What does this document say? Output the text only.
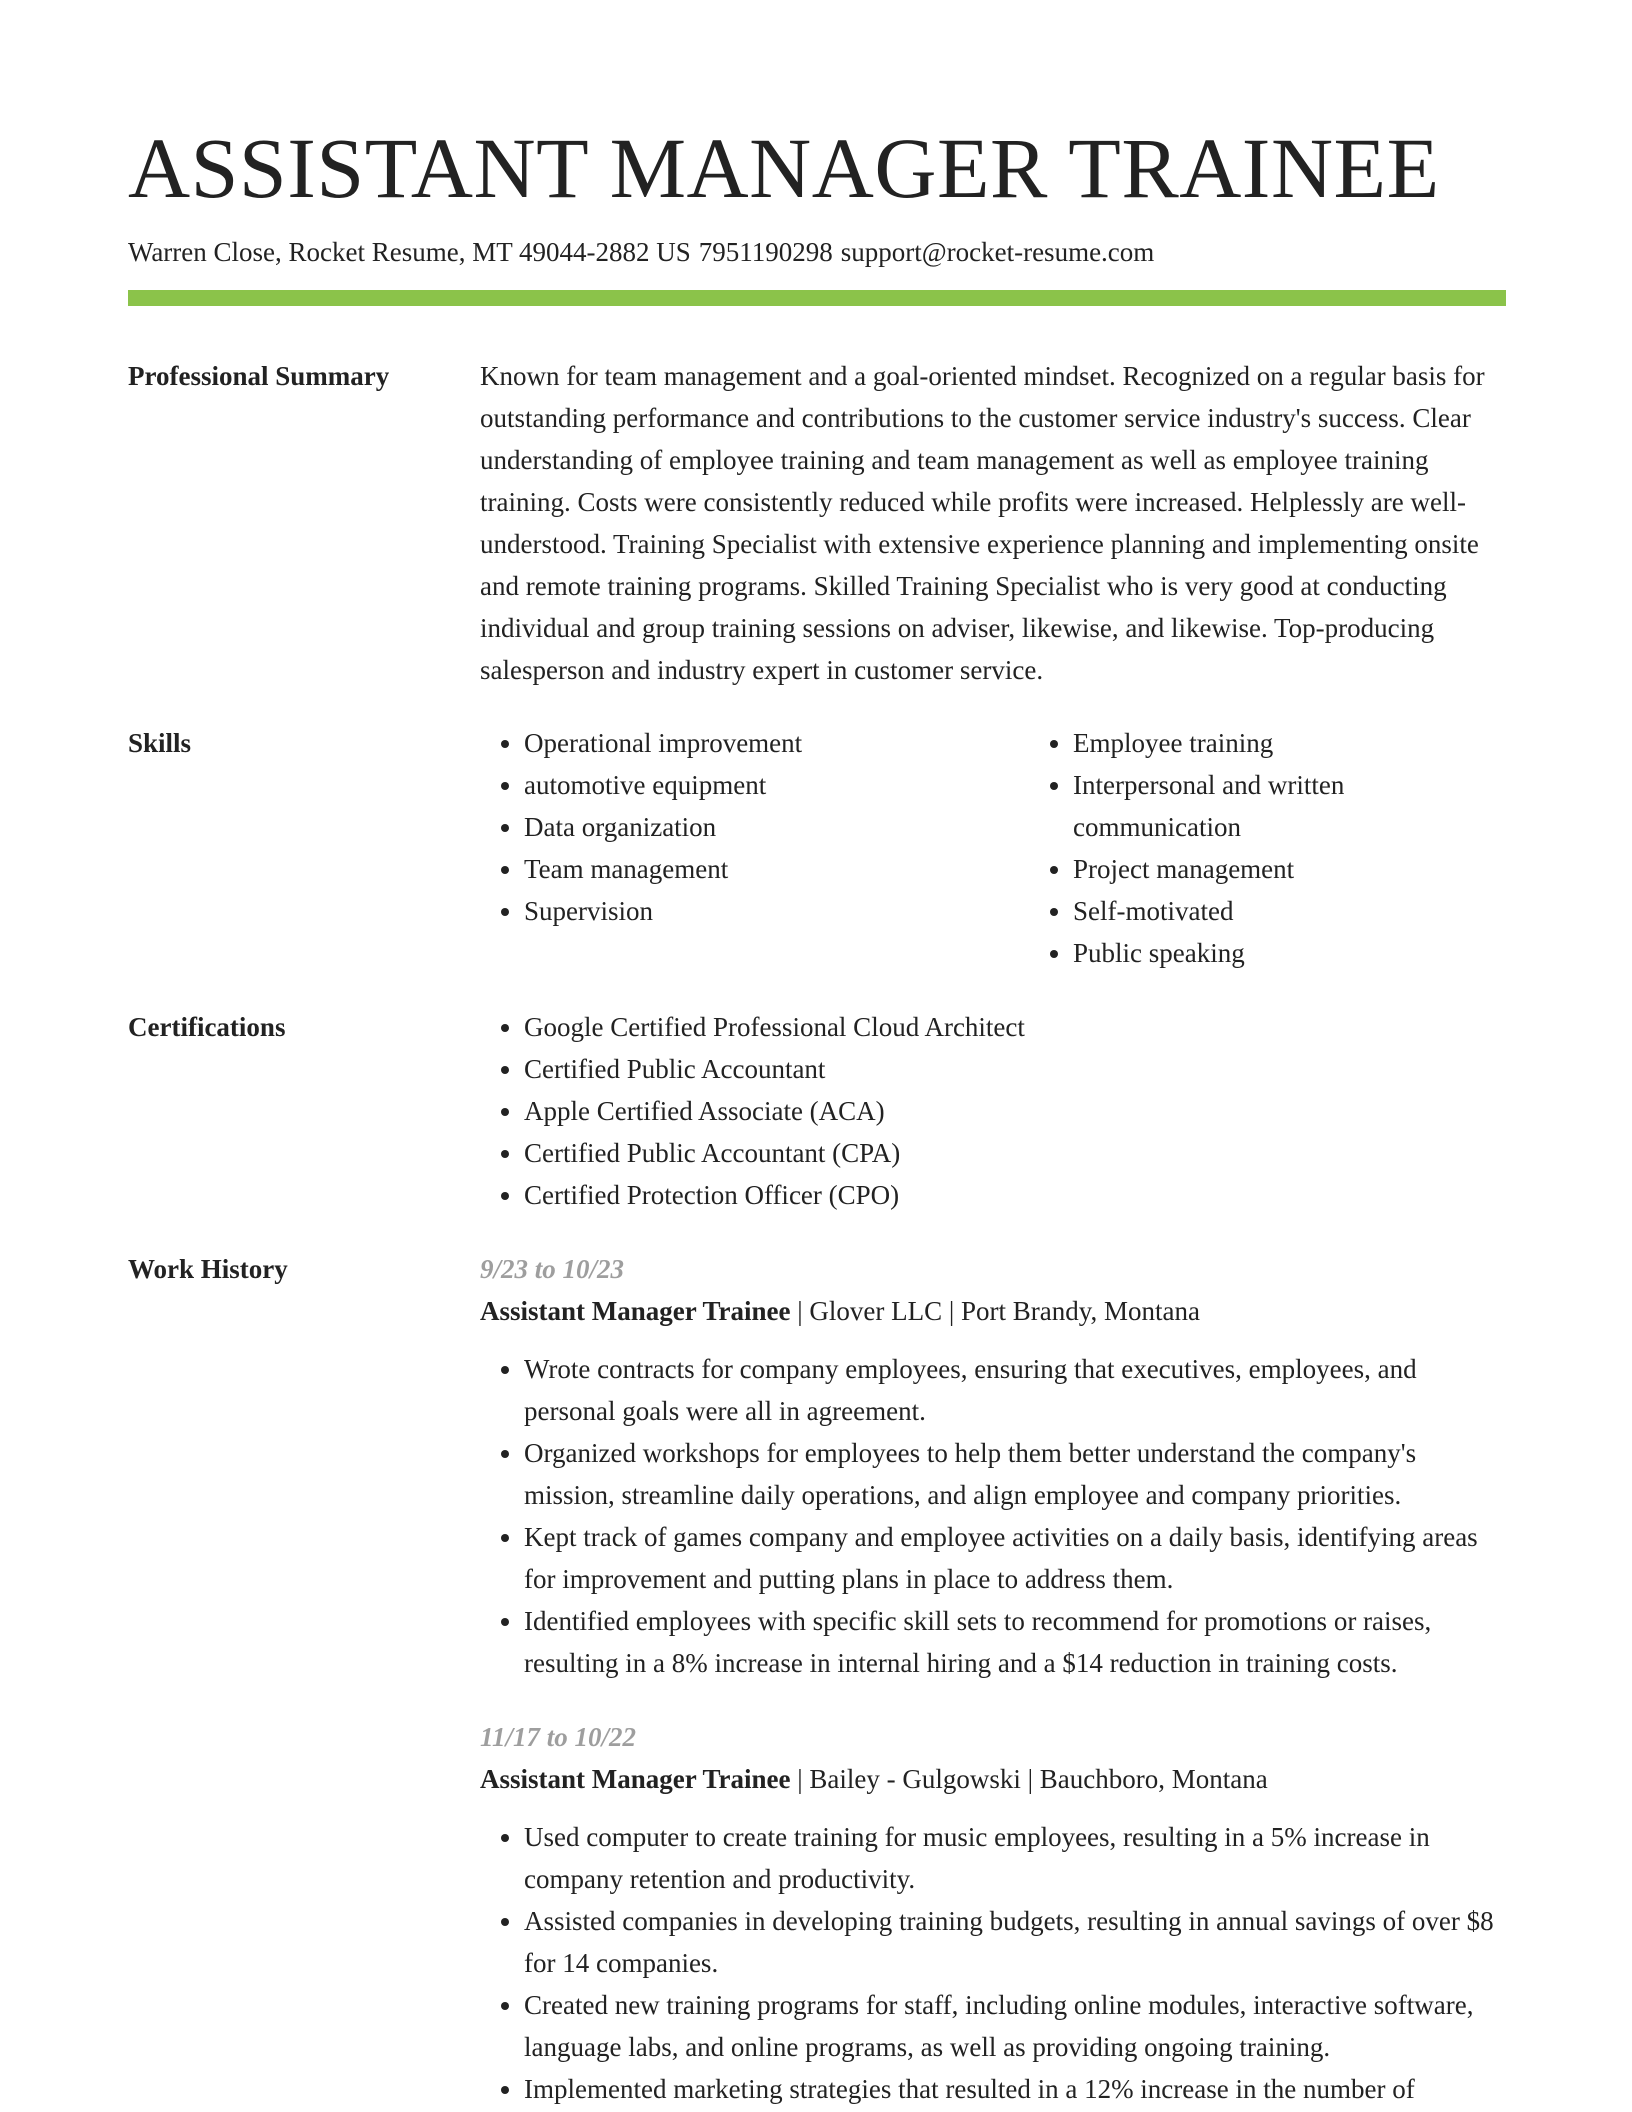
ASSISTANT MANAGER TRAINEE
Warren Close, Rocket Resume, MT 49044-2882 US 7951190298 support@rocket-resume.com
Professional Summary	Known for team management and a goal-oriented mindset. Recognized on a regular basis for outstanding performance and contributions to the customer service industry's success. Clear understanding of employee training and team management as well as employee training training. Costs were consistently reduced while profits were increased. Helplessly are well-understood. Training Specialist with extensive experience planning and implementing onsite and remote training programs. Skilled Training Specialist who is very good at conducting individual and group training sessions on adviser, likewise, and likewise. Top-producing salesperson and industry expert in customer service.
Skills	• Operational improvement
• automotive equipment
• Data organization
• Team management
• Supervision
• Employee training
• Interpersonal and written communication
• Project management
• Self-motivated
• Public speaking
Certifications	• Google Certified Professional Cloud Architect
• Certified Public Accountant
• Apple Certified Associate (ACA)
• Certified Public Accountant (CPA)
• Certified Protection Officer (CPO)
Work History	9/23 to 10/23
Assistant Manager Trainee | Glover LLC | Port Brandy, Montana
• Wrote contracts for company employees, ensuring that executives, employees, and personal goals were all in agreement.
• Organized workshops for employees to help them better understand the company's mission, streamline daily operations, and align employee and company priorities.
• Kept track of games company and employee activities on a daily basis, identifying areas for improvement and putting plans in place to address them.
• Identified employees with specific skill sets to recommend for promotions or raises, resulting in a 8% increase in internal hiring and a $14 reduction in training costs.
11/17 to 10/22
Assistant Manager Trainee | Bailey - Gulgowski | Bauchboro, Montana
• Used computer to create training for music employees, resulting in a 5% increase in company retention and productivity.
• Assisted companies in developing training budgets, resulting in annual savings of over $8 for 14 companies.
• Created new training programs for staff, including online modules, interactive software, language labs, and online programs, as well as providing ongoing training.
• Implemented marketing strategies that resulted in a 12% increase in the number of
